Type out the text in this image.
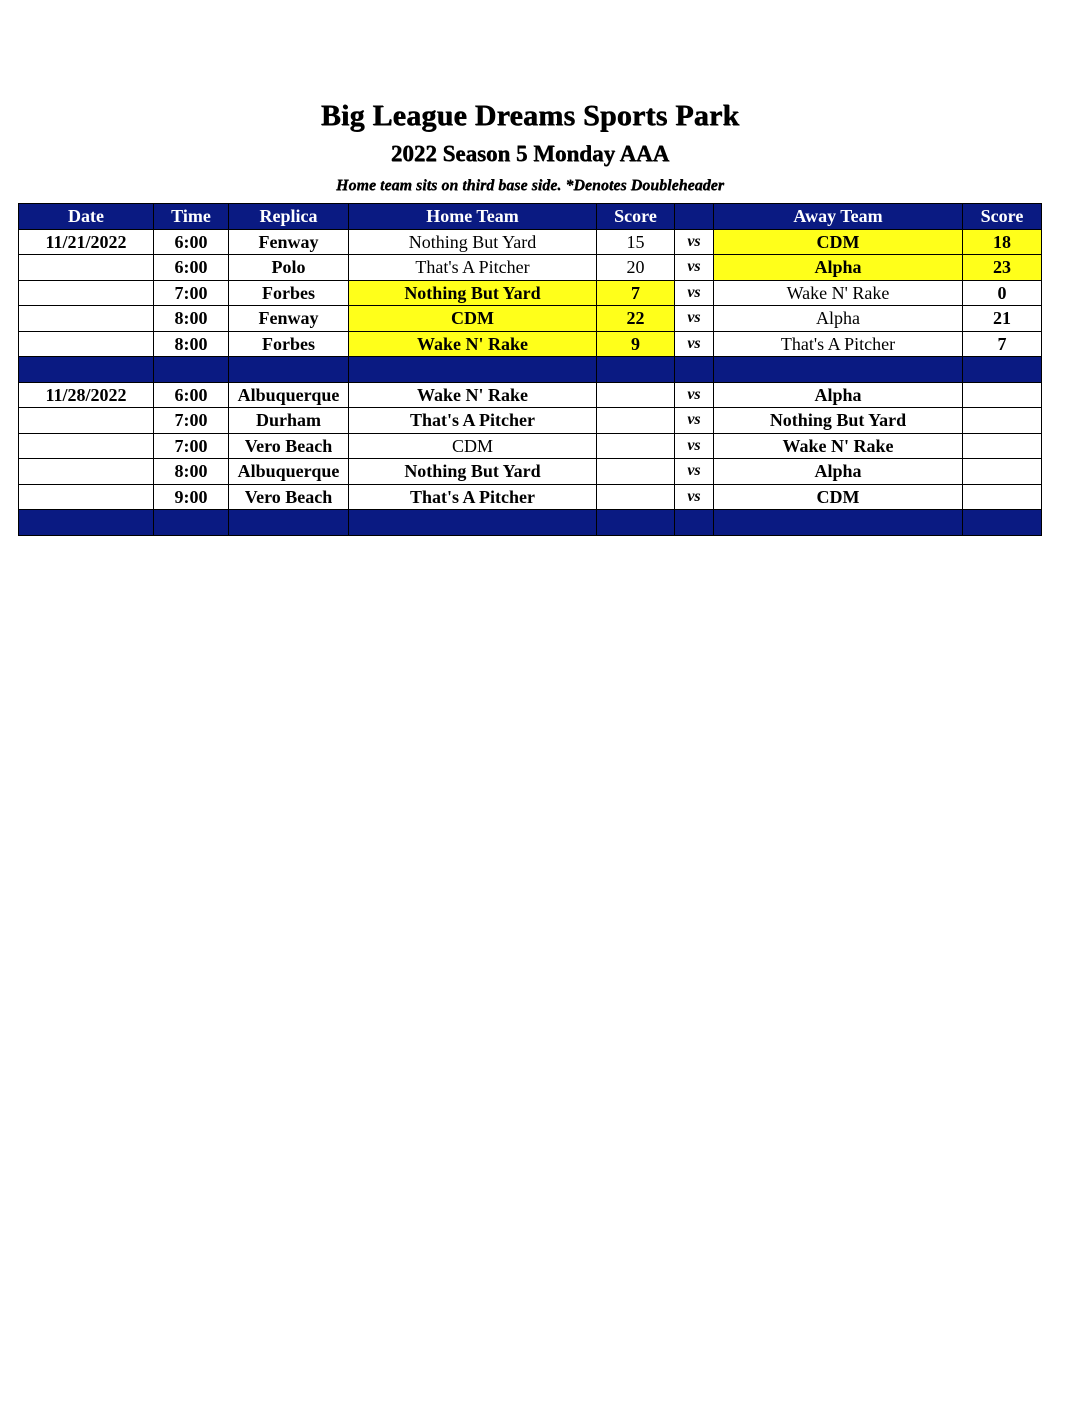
Big League Dreams Sports Park
2022 Season 5 Monday AAA
Home team sits on third base side. *Denotes Doubleheader
Date	Time	Replica	Home Team	Score		Away Team	Score
11/21/2022	6:00	Fenway	Nothing But Yard	15	vs	CDM	18
	6:00	Polo	That's A Pitcher	20	vs	Alpha	23
	7:00	Forbes	Nothing But Yard	7	vs	Wake N' Rake	0
	8:00	Fenway	CDM	22	vs	Alpha	21
	8:00	Forbes	Wake N' Rake	9	vs	That's A Pitcher	7

11/28/2022	6:00	Albuquerque	Wake N' Rake		vs	Alpha	
	7:00	Durham	That's A Pitcher		vs	Nothing But Yard	
	7:00	Vero Beach	CDM		vs	Wake N' Rake	
	8:00	Albuquerque	Nothing But Yard		vs	Alpha	
	9:00	Vero Beach	That's A Pitcher		vs	CDM	
